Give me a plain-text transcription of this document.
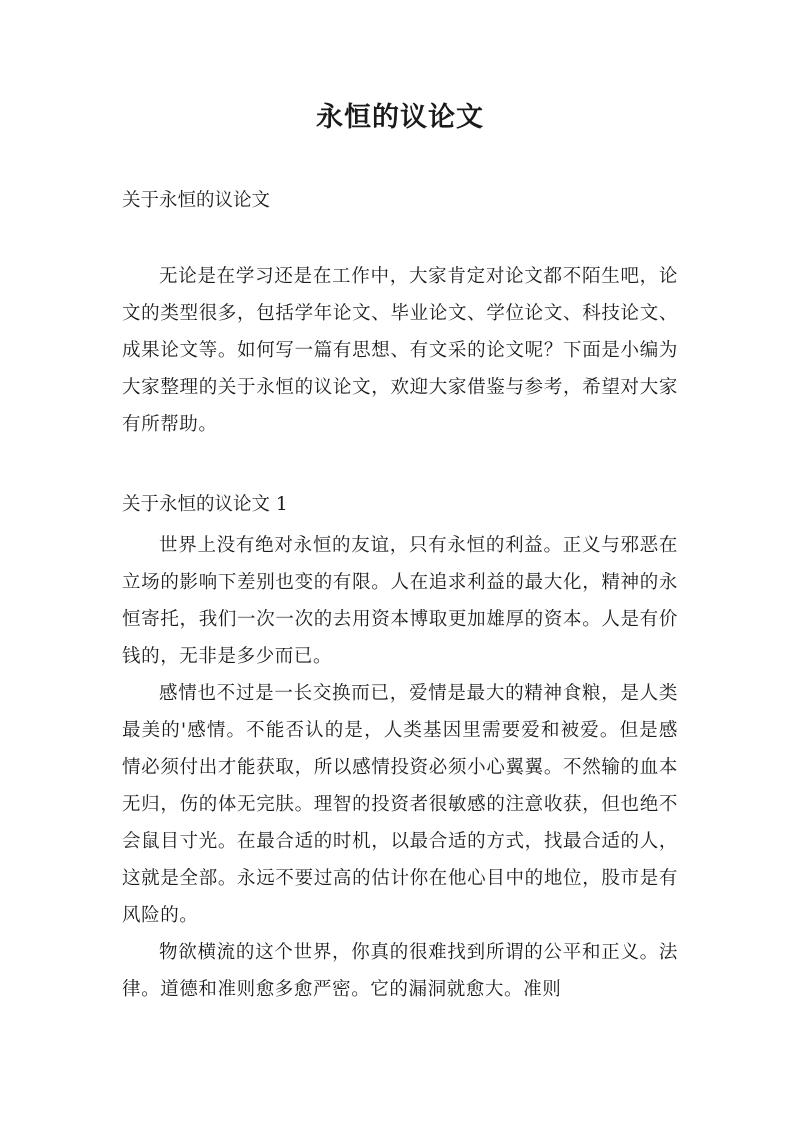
永恒的议论文

关于永恒的议论文

无论是在学习还是在工作中，大家肯定对论文都不陌生吧，论文的类型很多，包括学年论文、毕业论文、学位论文、科技论文、成果论文等。如何写一篇有思想、有文采的论文呢？下面是小编为大家整理的关于永恒的议论文，欢迎大家借鉴与参考，希望对大家有所帮助。

关于永恒的议论文 1

世界上没有绝对永恒的友谊，只有永恒的利益。正义与邪恶在立场的影响下差别也变的有限。人在追求利益的最大化，精神的永恒寄托，我们一次一次的去用资本博取更加雄厚的资本。人是有价钱的，无非是多少而已。

感情也不过是一长交换而已，爱情是最大的精神食粮，是人类最美的'感情。不能否认的是，人类基因里需要爱和被爱。但是感情必须付出才能获取，所以感情投资必须小心翼翼。不然输的血本无归，伤的体无完肤。理智的投资者很敏感的注意收获，但也绝不会鼠目寸光。在最合适的时机，以最合适的方式，找最合适的人，这就是全部。永远不要过高的估计你在他心目中的地位，股市是有风险的。

物欲横流的这个世界，你真的很难找到所谓的公平和正义。法律。道德和准则愈多愈严密。它的漏洞就愈大。准则
